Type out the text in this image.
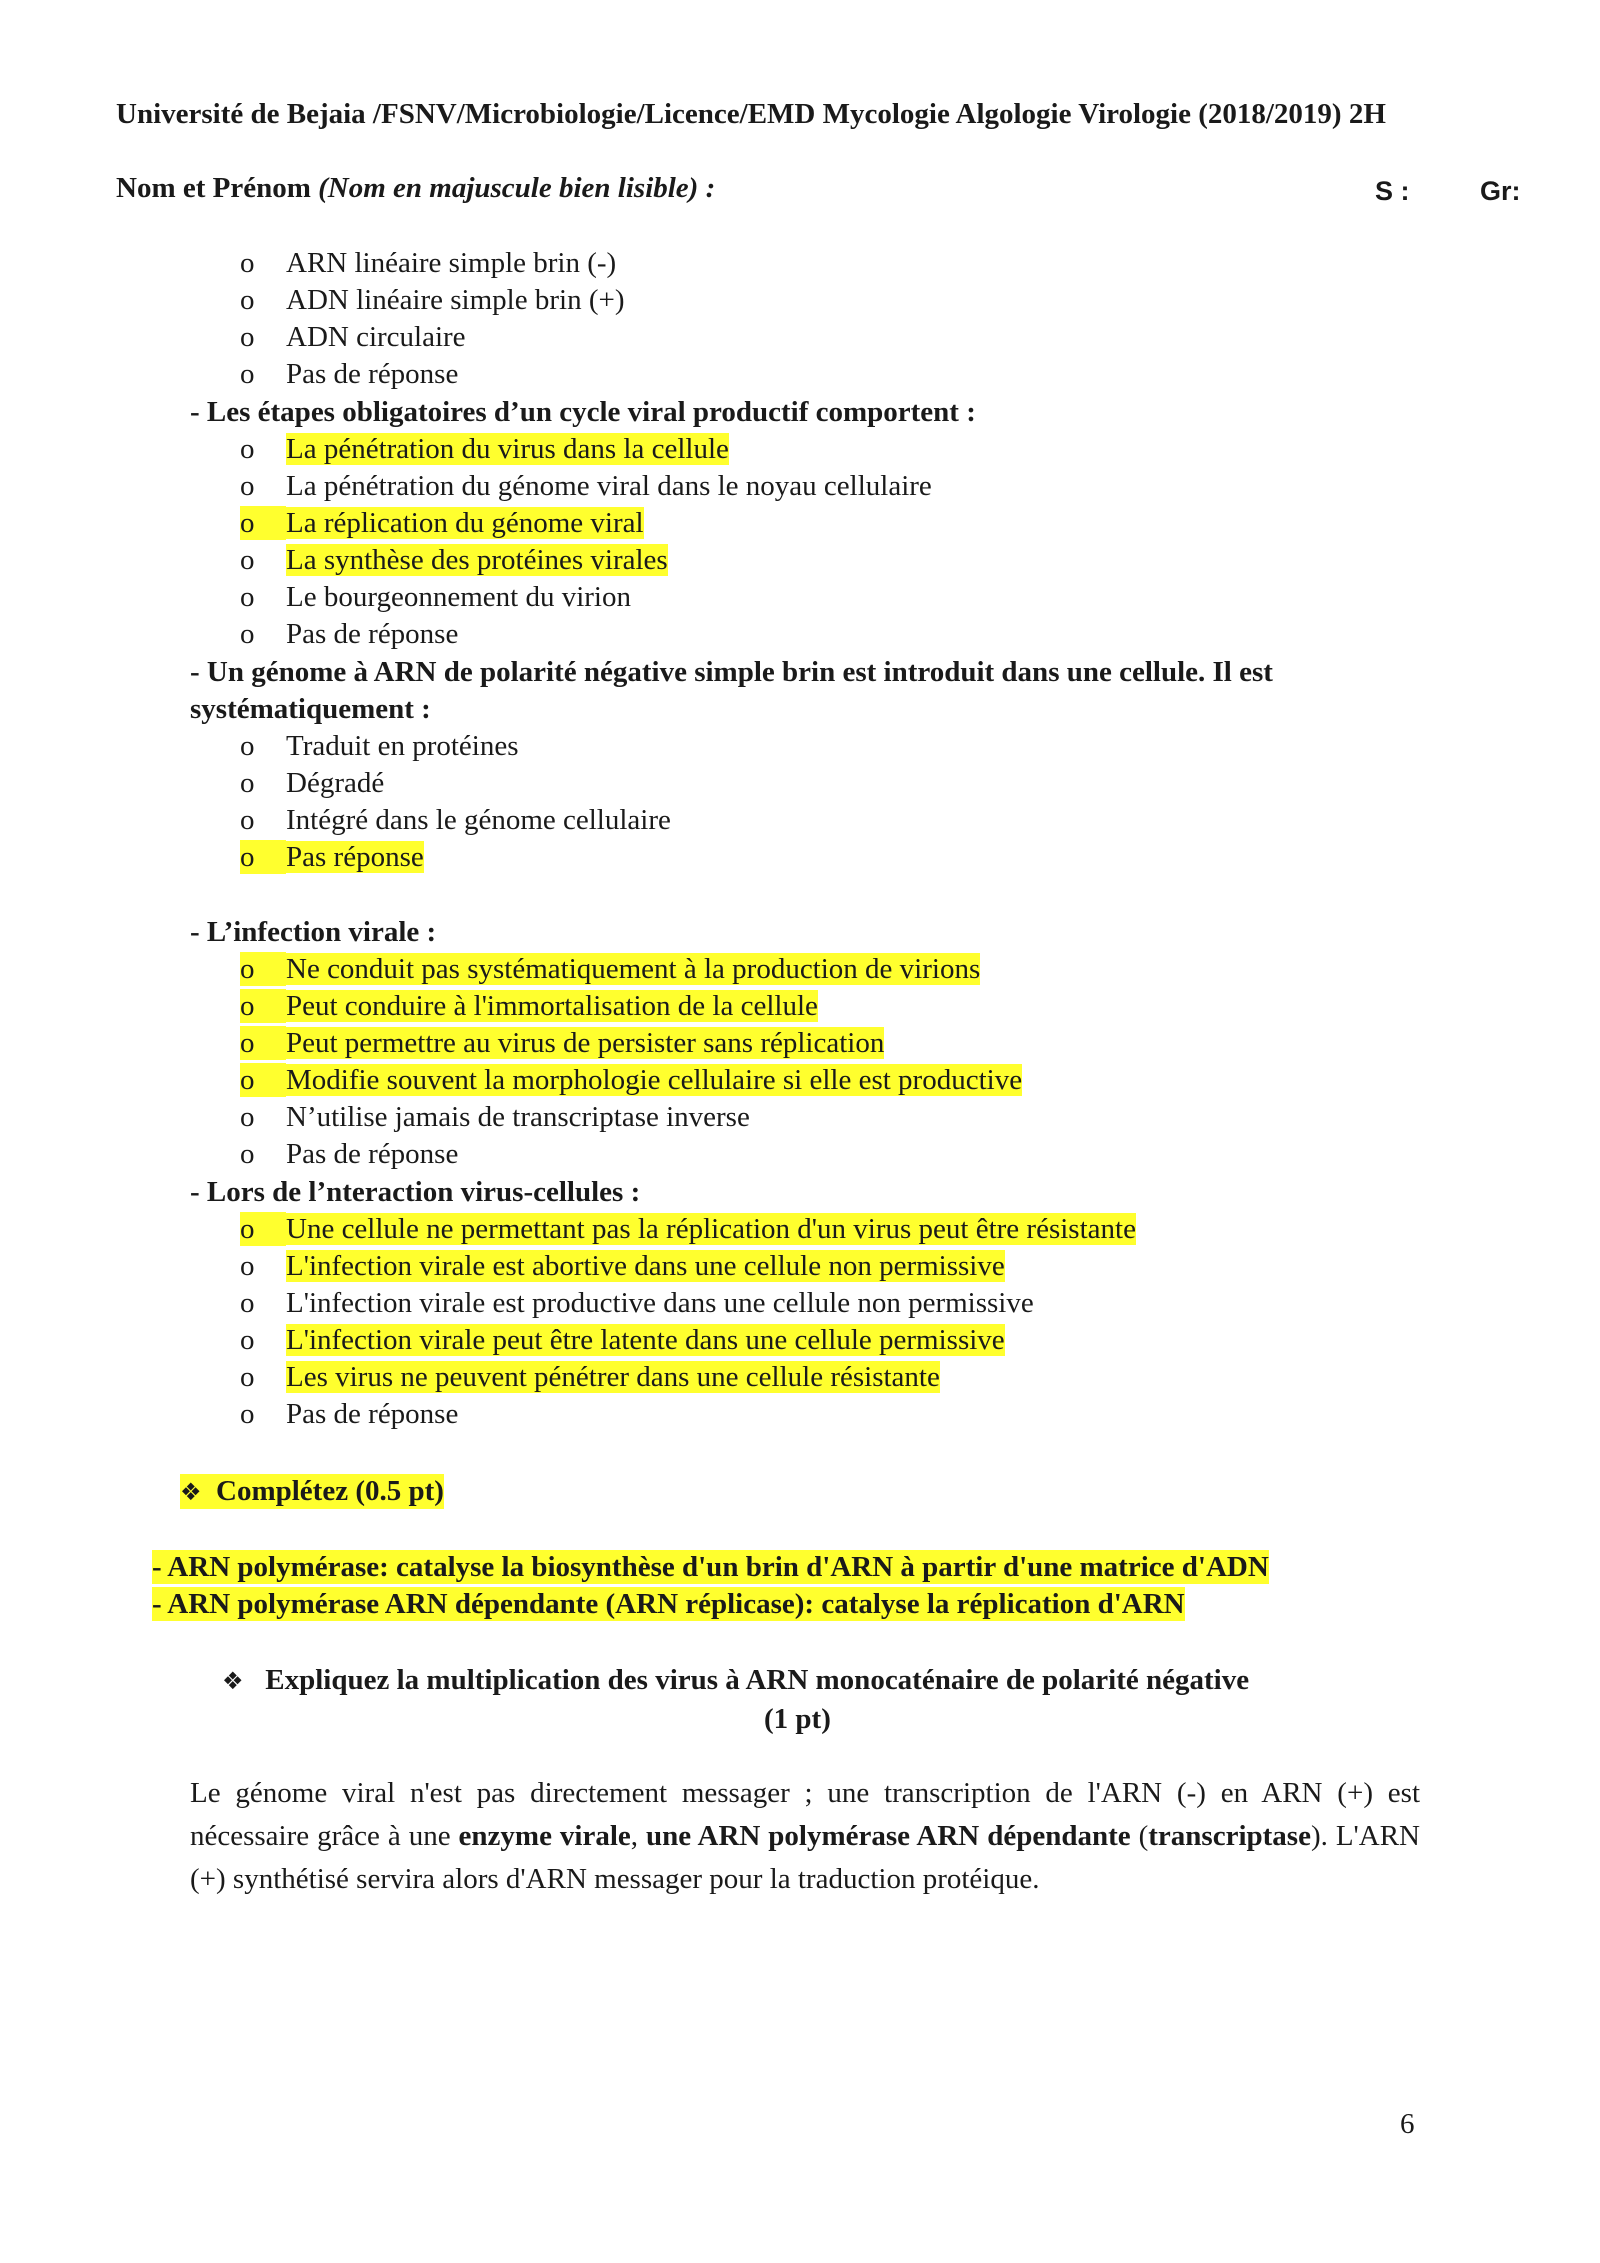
Université de Bejaia /FSNV/Microbiologie/Licence/EMD Mycologie Algologie Virologie (2018/2019) 2H
Nom et Prénom (Nom en majuscule bien lisible) :	S :	Gr:
o ARN linéaire simple brin (-)
o ADN linéaire simple brin (+)
o ADN circulaire
o Pas de réponse
- Les étapes obligatoires d’un cycle viral productif comportent :
o La pénétration du virus dans la cellule
o La pénétration du génome viral dans le noyau cellulaire
o La réplication du génome viral
o La synthèse des protéines virales
o Le bourgeonnement du virion
o Pas de réponse
- Un génome à ARN de polarité négative simple brin est introduit dans une cellule. Il est
systématiquement :
o Traduit en protéines
o Dégradé
o Intégré dans le génome cellulaire
o Pas réponse
- L’infection virale :
o Ne conduit pas systématiquement à la production de virions
o Peut conduire à l'immortalisation de la cellule
o Peut permettre au virus de persister sans réplication
o Modifie souvent la morphologie cellulaire si elle est productive
o N’utilise jamais de transcriptase inverse
o Pas de réponse
- Lors de l’nteraction virus-cellules :
o Une cellule ne permettant pas la réplication d'un virus peut être résistante
o L'infection virale est abortive dans une cellule non permissive
o L'infection virale est productive dans une cellule non permissive
o L'infection virale peut être latente dans une cellule permissive
o Les virus ne peuvent pénétrer dans une cellule résistante
o Pas de réponse
❖ Complétez (0.5 pt)
- ARN polymérase: catalyse la biosynthèse d'un brin d'ARN à partir d'une matrice d'ADN
- ARN polymérase ARN dépendante (ARN réplicase): catalyse la réplication d'ARN
❖ Expliquez la multiplication des virus à ARN monocaténaire de polarité négative
(1 pt)
Le génome viral n'est pas directement messager ; une transcription de l'ARN (-) en ARN (+) est nécessaire grâce à une enzyme virale, une ARN polymérase ARN dépendante (transcriptase). L'ARN (+) synthétisé servira alors d'ARN messager pour la traduction protéique.
6
